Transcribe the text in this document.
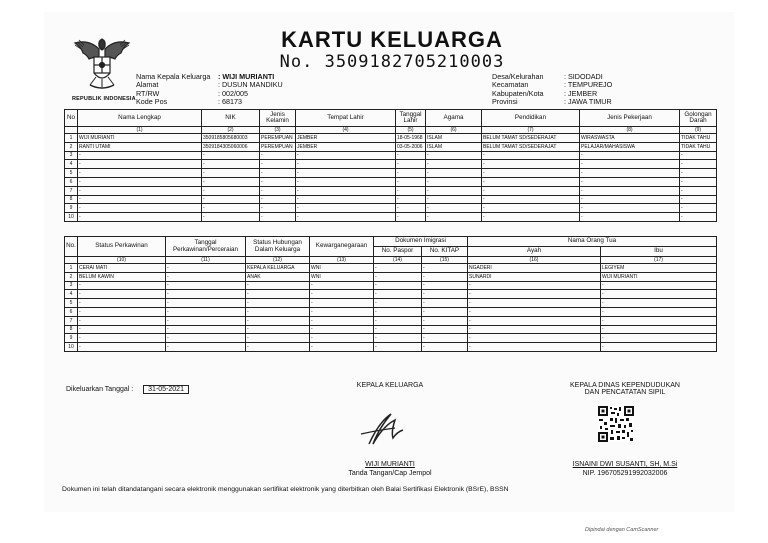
REPUBLIK INDONESIA
KARTU KELUARGA
No. 3509182705210003
Nama Kepala Keluarga	: WIJI MURIANTI
Alamat	: DUSUN MANDIKU
RT/RW	: 002/005
Kode Pos	: 68173
Desa/Kelurahan	: SIDODADI
Kecamatan	: TEMPUREJO
Kabupaten/Kota	: JEMBER
Provinsi	: JAWA TIMUR
No	Nama Lengkap	NIK	Jenis Kelamin	Tempat Lahir	Tanggal Lahir	Agama	Pendidikan	Jenis Pekerjaan	Golongan Darah
	(1)	(2)	(3)	(4)	(5)	(6)	(7)	(8)	(9)
1	WIJI MURIANTI	3509185805680003	PEREMPUAN	JEMBER	18-05-1968	ISLAM	BELUM TAMAT SD/SEDERAJAT	WIRASWASTA	TIDAK TAHU
2	RANTI UTAMI	3509184305060006	PEREMPUAN	JEMBER	03-05-2006	ISLAM	BELUM TAMAT SD/SEDERAJAT	PELAJAR/MAHASISWA	TIDAK TAHU
3	-	-	-	-	-	-	-	-	-
4	-	-	-	-	-	-	-	-	-
5	-	-	-	-	-	-	-	-	-
6	-	-	-	-	-	-	-	-	-
7	-	-	-	-	-	-	-	-	-
8	-	-	-	-	-	-	-	-	-
9	-	-	-	-	-	-	-	-	-
10	-	-	-	-	-	-	-	-	-
No.	Status Perkawinan	Tanggal Perkawinan/Perceraian	Status Hubungan Dalam Keluarga	Kewarganegaraan	Dokumen Imigrasi		Nama Orang Tua	
					No. Paspor	No. KITAP	Ayah	Ibu
	(10)	(11)	(12)	(13)	(14)	(15)	(16)	(17)
1	CERAI MATI	-	KEPALA KELUARGA	WNI	-	-	NGADERI	LEGIYEM
2	BELUM KAWIN	-	ANAK	WNI	-	-	SUNARDI	WIJI MURIANTI
3	-	-	-	-	-	-	-	-
4	-	-	-	-	-	-	-	-
5	-	-	-	-	-	-	-	-
6	-	-	-	-	-	-	-	-
7	-	-	-	-	-	-	-	-
8	-	-	-	-	-	-	-	-
9	-	-	-	-	-	-	-	-
10	-	-	-	-	-	-	-	-
Dikeluarkan Tanggal : 31-05-2021
KEPALA KELUARGA
WIJI MURIANTI
Tanda Tangan/Cap Jempol
KEPALA DINAS KEPENDUDUKAN
DAN PENCATATAN SIPIL
ISNAINI DWI SUSANTI, SH, M.Si
NIP. 196705291992032006
Dokumen ini telah ditandatangani secara elektronik menggunakan sertifikat elektronik yang diterbitkan oleh Balai Sertifikasi Elektronik (BSrE), BSSN
Dipindai dengan CamScanner
